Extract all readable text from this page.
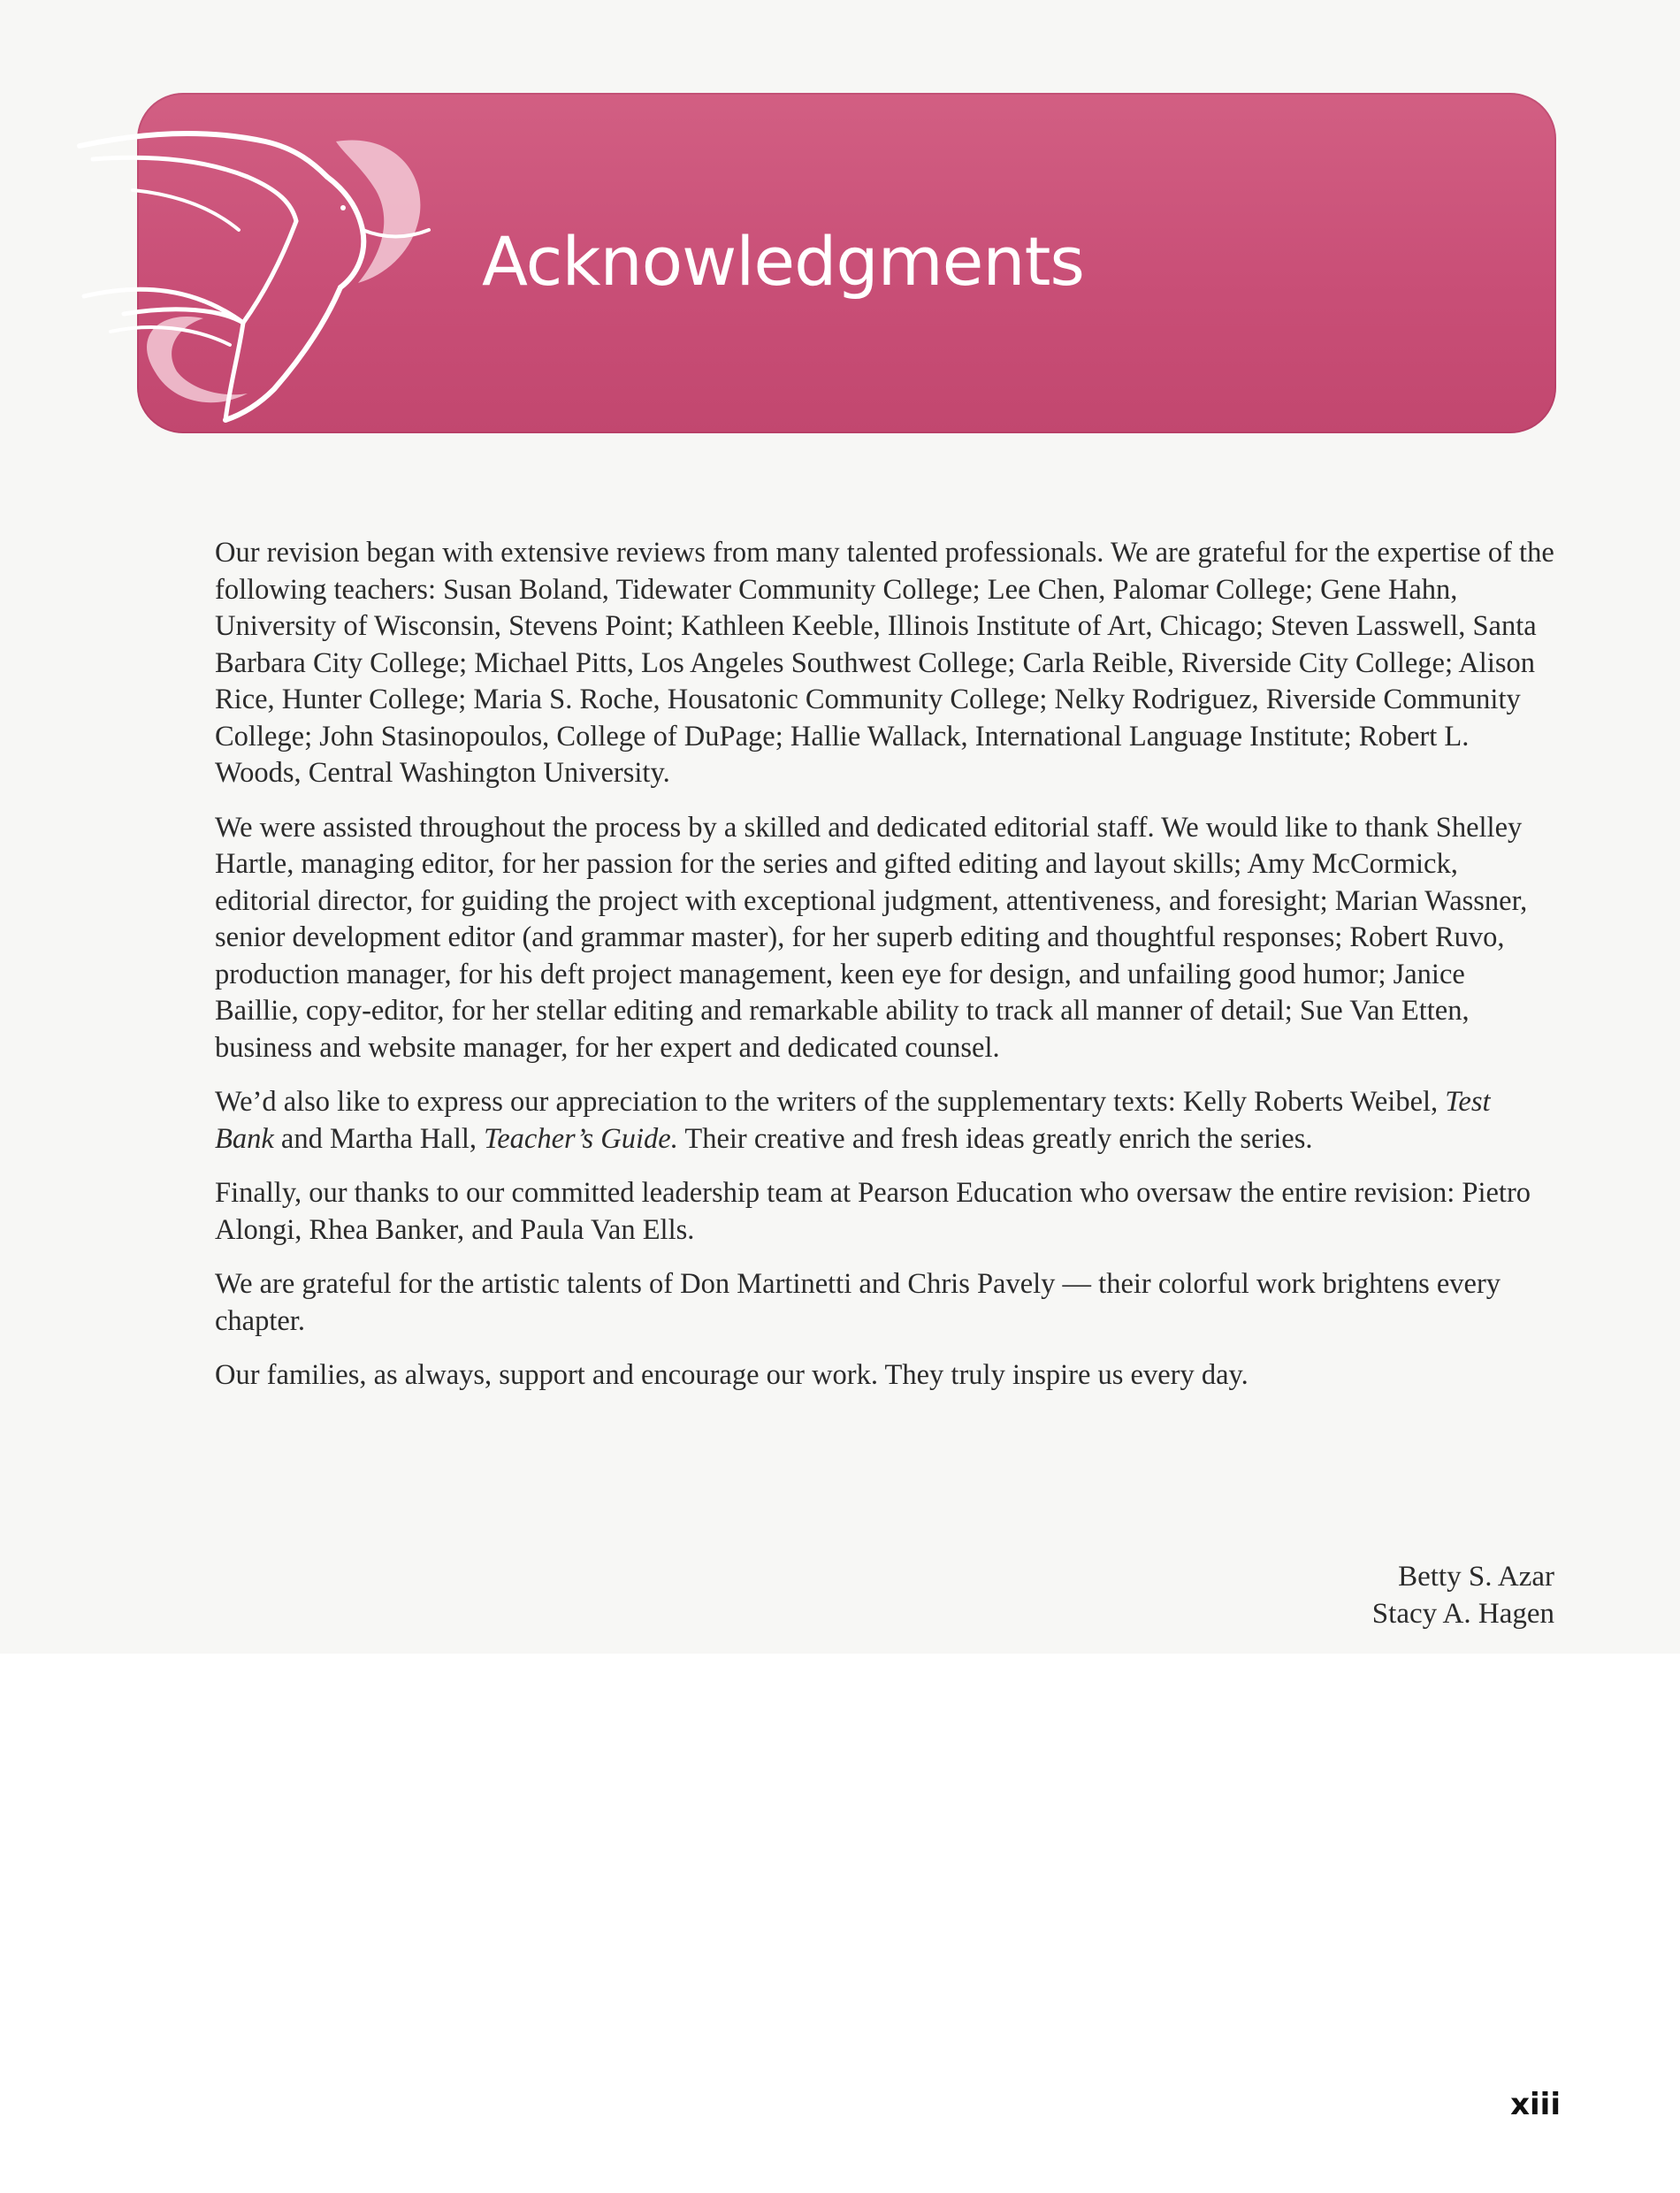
Acknowledgments

Our revision began with extensive reviews from many talented professionals. We are grateful for the expertise of the following teachers: Susan Boland, Tidewater Community College; Lee Chen, Palomar College; Gene Hahn, University of Wisconsin, Stevens Point; Kathleen Keeble, Illinois Institute of Art, Chicago; Steven Lasswell, Santa Barbara City College; Michael Pitts, Los Angeles Southwest College; Carla Reible, Riverside City College; Alison Rice, Hunter College; Maria S. Roche, Housatonic Community College; Nelky Rodriguez, Riverside Community College; John Stasinopoulos, College of DuPage; Hallie Wallack, International Language Institute; Robert L. Woods, Central Washington University.

We were assisted throughout the process by a skilled and dedicated editorial staff. We would like to thank Shelley Hartle, managing editor, for her passion for the series and gifted editing and layout skills; Amy McCormick, editorial director, for guiding the project with exceptional judgment, attentiveness, and foresight; Marian Wassner, senior development editor (and grammar master), for her superb editing and thoughtful responses; Robert Ruvo, production manager, for his deft project management, keen eye for design, and unfailing good humor; Janice Baillie, copy-editor, for her stellar editing and remarkable ability to track all manner of detail; Sue Van Etten, business and website manager, for her expert and dedicated counsel.

We’d also like to express our appreciation to the writers of the supplementary texts: Kelly Roberts Weibel, Test Bank and Martha Hall, Teacher’s Guide. Their creative and fresh ideas greatly enrich the series.

Finally, our thanks to our committed leadership team at Pearson Education who oversaw the entire revision: Pietro Alongi, Rhea Banker, and Paula Van Ells.

We are grateful for the artistic talents of Don Martinetti and Chris Pavely — their colorful work brightens every chapter.

Our families, as always, support and encourage our work. They truly inspire us every day.

Betty S. Azar
Stacy A. Hagen
xiii
